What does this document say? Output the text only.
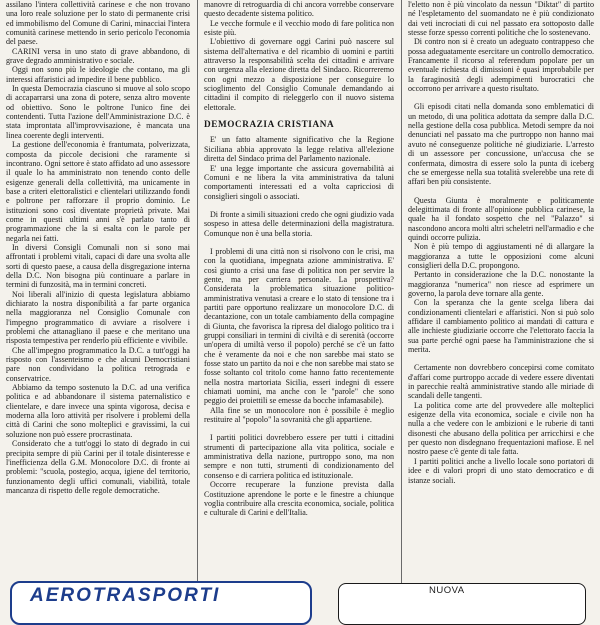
assilano l'intera collettività carinese e che non trovano una loro reale soluzione per lo stato di permanente crisi ed immobilismo del Comune di Carini, minacciai l'intera comunità carinese mettendo in serio pericolo l'economia del paese.

CARINI versa in uno stato di grave abbandono, di grave degrado amministrativo e sociale.

Oggi non sono più le ideologie che contano, ma gli interessi affaristici ad impedire il bene pubblico.

In questa Democrazia ciascuno si muove al solo scopo di accaparrarsi una zona di potere, senza altro movente od obiettivo. Sono le poltrone l'unico fine dei contendenti. Tutta l'azione dell'Amministrazione D.C. è stata improntata all'improvvisazione, è mancata una linea coerente degli interventi.

La gestione dell'economia è frantumata, polverizzata, composta da piccole decisioni che raramente si incontrano. Ogni settore è stato affidato ad uno assessore il quale lo ha amministrato non tenendo conto delle esigenze generali della collettività, ma unicamente in base a criteri elettoralistici e clientelari utilizzando fondi e poltrone per rafforzare il proprio dominio. Le istituzioni sono così diventate proprietà private. Mai come in questi ultimi anni s'è parlato tanto di programmazione che la si esalta con le parole per negarla nei fatti.

In diversi Consigli Comunali non si sono mai affrontati i problemi vitali, capaci di dare una svolta alle sorti di questo paese, a causa della disgregazione interna della D.C. Non bisogna più continuare a parlare in termini di funzosità, ma in termini concreti.

Noi liberali all'inizio di questa legislatura abbiamo dichiarato la nostra disponibilità a far parte organica nella maggioranza nel Consiglio Comunale con l'impegno programmatico di avviare a risolvere i problemi che attanagliano il paese e che meritano una risposta tempestiva per renderlo più efficiente e vivibile.

Che all'impegno programmatico la D.C. a tutt'oggi ha risposto con l'assenteismo e che alcuni Democristiani pare non condividano la politica retrograda e conservatrice.

Abbiamo da tempo sostenuto la D.C. ad una verifica politica e ad abbandonare il sistema paternalistico e clientelare, e dare invece una spinta vigorosa, decisa e moderna alla loro attività per risolvere i problemi della città di Carini che sono molteplici e gravissimi, la cui soluzione non può essere procrastinata.

Considerato che a tutt'oggi lo stato di degrado in cui precipita sempre di più Carini per il totale disinteresse e l'inefficienza della G.M. Monocolore D.C. di fronte ai problemi: "scuola, postegio, acqua, igiene del territorio, funzionamento degli uffici comunali, viabilità, totale mancanza di rispetto delle regole democratiche.

manovre di retroguardia di chi ancora vorrebbe conservare questo decadente sistema politico.

Le vecche formule e il vecchio modo di fare politica non esiste più.

L'obiettivo di governare oggi Carini può nascere sul sistema dell'alternativa e del ricambio di uomini e partiti attraverso la responsabilità scelta dei cittadini e arrivare con urgenza alla elezione diretta del Sindaco. Ricorreremo con ogni mezzo a disposizione per conseguire lo scioglimento del Consiglio Comunale demandando ai cittadini il compito di rieleggerlo con il nuovo sistema elettorale.

DEMOCRAZIA CRISTIANA

E' un fatto altamente significativo che la Regione Siciliana abbia approvato la legge relativa all'elezione diretta del Sindaco prima del Parlamento nazionale.

E' una legge importante che assicura governabilità ai Comuni e ne libera la vita amministrativa da taluni comportamenti interessati ed a volta capricciosi di consiglieri singoli o associati.

Di fronte a simili situazioni credo che ogni giudizio vada sospeso in attesa delle determinazioni della magistratura. Comunque non è una bella storia.

I problemi di una città non si risolvono con le crisi, ma con la quotidiana, impegnata azione amministrativa. E' così giunto a crisi una fase di politica non per servire la gente, ma per carriera personale. La prospettiva? Considerata la problematica situazione politico-amministrativa venutasi a creare e lo stato di tensione tra i partiti pare opportuno realizzare un monocolore D.C. di decantazione, con un totale cambiamento della compagine di Giunta, che favorisca la ripresa del dialogo politico tra i gruppi consiliari in termini di civiltà e di serenità (occorre un'opera di umiltà verso il popolo) perché se c'è un fatto che è veramente da noi e che non sarebbe mai stato se fosse stato un partito da noi e che non sarebbe mai stato se fosse soltanto col tritolo come hanno fatto recentemente nella nostra martoriata Sicilia, esseri indegni di essere chiamati uomini, ma anche con le "parole" che sono peggio dei proiettili se emesse da bocche infamasabile).

Alla fine se un monocolore non è possibile è meglio restituire al "popolo" la sovranità che gli appartiene.

I partiti politici dovrebbero essere per tutti i cittadini strumenti di partecipazione alla vita politica, sociale e amministrativa della nazione, purtroppo sono, ma non sempre e non tutti, strumenti di condizionamento del consenso e di carriera politica ed istituzionale.

Occorre recuperare la funzione prevista dalla Costituzione aprendone le porte e le finestre a chiunque voglia contribuire alla crescita economica, sociale, politica e culturale di Carini e dell'Italia.

l'eletto non è più vincolato da nessun "Diktat" di partito né l'espletamento del suomandato ne è più condizionato dai veti incrociati di cui nel passato era sottoposto dalle stesse forze spesso correnti politiche che lo sostenevano.

Di contro non si è creato un adeguato contrappeso che possa adeguatamente esercitare un controllo democratico. Francamente il ricorso al referendum popolare per un eventuale richiesta di dimissioni è quasi improbabile per la faraginosità degli adempimenti burocratici che occorrono per arrivare a questo risultato.

Gli episodi citati nella domanda sono emblematici di un metodo, di una politica adottata da sempre dalla D.C. nella gestione della cosa pubblica. Metodi sempre da noi denunciati nel passato ma che purtroppo non hanno mai avuto né conseguenze politiche né giudiziarie. L'arresto di un assessore per concussione, un'accusa che se confermata, dimostra di essere solo la punta di iceberg che se emergesse nella sua totalità svelerebbe una rete di affari ben più consistente.

Questa Giunta è moralmente e politicamente delegittimata di fronte all'opinione pubblica carinese, la quale ha il fondato sospetto che nel "Palazzo" si nascondono ancora molti altri scheletri nell'armadio e che quindi occorre pulizia.

Non è più tempo di aggiustamenti né di allargare la maggioranza a tutte le opposizioni come alcuni consiglieri della D.C. propongono.

Pertanto in considerazione che la D.C. nonostante la maggioranza "numerica" non riesce ad esprimere un governo, la parola deve tornare alla gente.

Con la speranza che la gente scelga libera dai condizionamenti clientelari e affaristici. Non si può solo affidare il cambiamento politico ai mandati di cattura e alle inchieste giudiziarie occorre che l'elettorato faccia la sua parte perché ogni paese ha l'amministrazione che si merita.

Certamente non dovrebbero concepirsi come comitato d'affari come purtroppo accade di vedere essere diventati in parecchie realtà amministrative stando alle miriade di scandali delle tangenti.

La politica come arte del provvedere alle molteplici esigenze della vita economica, sociale e civile non ha nulla a che vedere con le ambizioni e le ruberie di tanti disonesti che abusano della politica per arricchirsi e che per questo non disdegnano frequentazioni mafiose. E nel nostro paese c'è gente di tale fatta.

I partiti politici anche a livello locale sono portatori di idee e di valori propri di uno stato democratico e di istanze sociali.

AEROTRASPORTI	NUOVA
